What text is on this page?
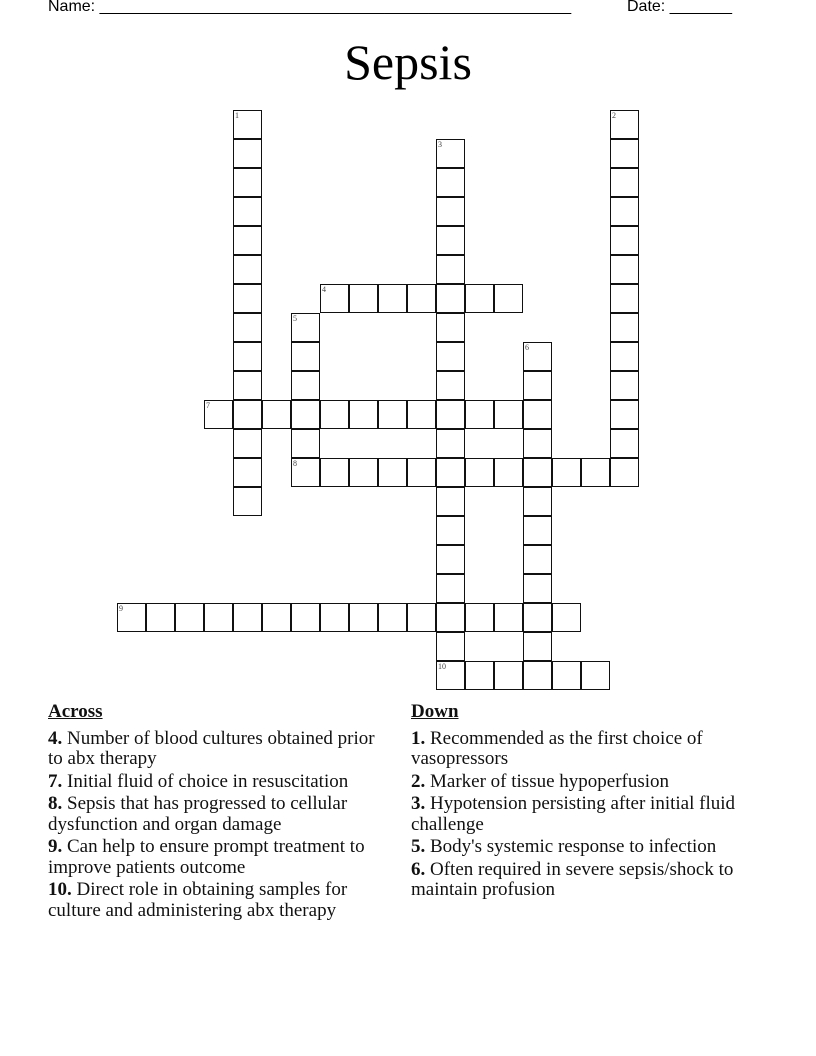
Name: _____________________________________________________	Date: _______
Sepsis
1	2
3
10
4
5
8
6
7
9
Across
4. Number of blood cultures obtained prior to abx therapy
7. Initial fluid of choice in resuscitation
8. Sepsis that has progressed to cellular dysfunction and organ damage
9. Can help to ensure prompt treatment to improve patients outcome
10. Direct role in obtaining samples for culture and administering abx therapy
Down
1. Recommended as the first choice of vasopressors
2. Marker of tissue hypoperfusion
3. Hypotension persisting after initial fluid challenge
5. Body's systemic response to infection
6. Often required in severe sepsis/shock to maintain profusion
